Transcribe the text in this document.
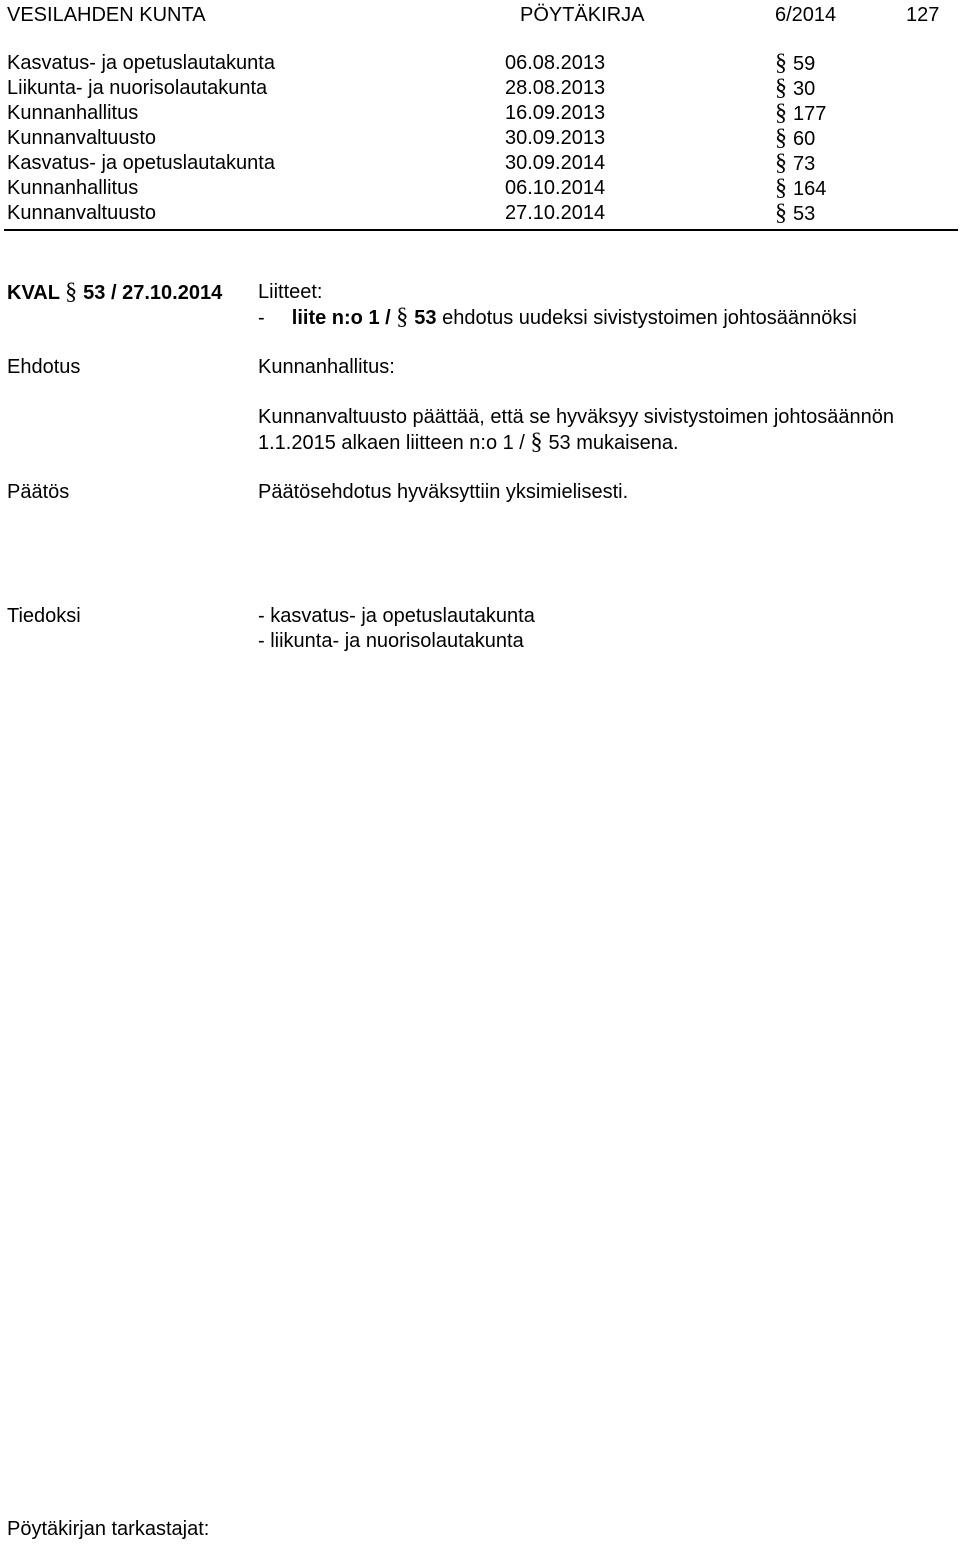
VESILAHDEN KUNTA	PÖYTÄKIRJA	6/2014	127
Kasvatus- ja opetuslautakunta	06.08.2013	§ 59
Liikunta- ja nuorisolautakunta	28.08.2013	§ 30
Kunnanhallitus	16.09.2013	§ 177
Kunnanvaltuusto	30.09.2013	§ 60
Kasvatus- ja opetuslautakunta	30.09.2014	§ 73
Kunnanhallitus	06.10.2014	§ 164
Kunnanvaltuusto	27.10.2014	§ 53
KVAL § 53 / 27.10.2014 Liitteet:
- liite n:o 1 / § 53 ehdotus uudeksi sivistystoimen johtosäännöksi
Ehdotus	Kunnanhallitus:
Kunnanvaltuusto päättää, että se hyväksyy sivistystoimen johtosäännön
1.1.2015 alkaen liitteen n:o 1 / § 53 mukaisena.
Päätös	Päätösehdotus hyväksyttiin yksimielisesti.
Tiedoksi	- kasvatus- ja opetuslautakunta
- liikunta- ja nuorisolautakunta
Pöytäkirjan tarkastajat:
